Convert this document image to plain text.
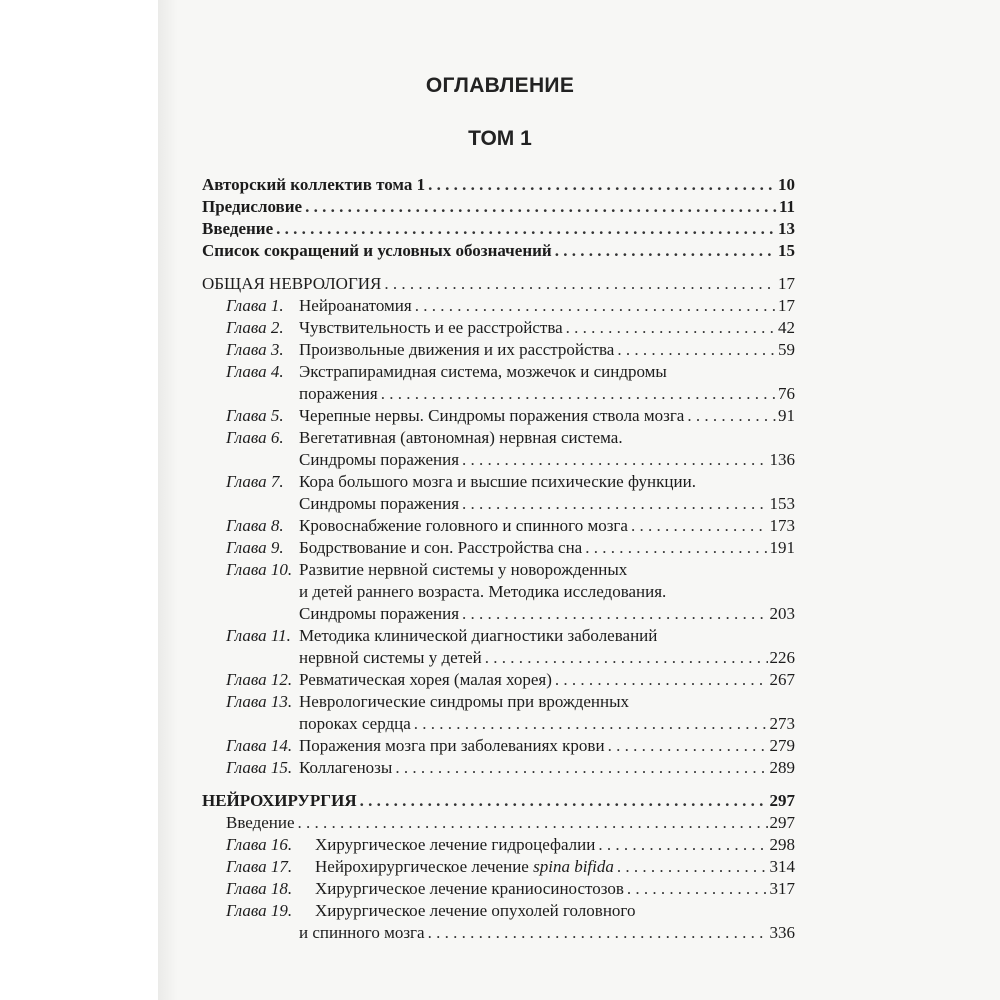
ОГЛАВЛЕНИЕ
ТОМ 1
Авторский коллектив тома 1 . . .	10
Предисловие . . .	11
Введение . . .	13
Список сокращений и условных обозначений . . .	15
ОБЩАЯ НЕВРОЛОГИЯ . . .	17
Глава 1. Нейроанатомия . . .	17
Глава 2. Чувствительность и ее расстройства . . .	42
Глава 3. Произвольные движения и их расстройства . . .	59
Глава 4. Экстрапирамидная система, мозжечок и синдромы
поражения . . .	76
Глава 5. Черепные нервы. Синдромы поражения ствола мозга . . .	91
Глава 6. Вегетативная (автономная) нервная система.
Синдромы поражения . . .	136
Глава 7. Кора большого мозга и высшие психические функции.
Синдромы поражения . . .	153
Глава 8. Кровоснабжение головного и спинного мозга . . .	173
Глава 9. Бодрствование и сон. Расстройства сна . . .	191
Глава 10. Развитие нервной системы у новорожденных
и детей раннего возраста. Методика исследования.
Синдромы поражения . . .	203
Глава 11. Методика клинической диагностики заболеваний
нервной системы у детей . . .	226
Глава 12. Ревматическая хорея (малая хорея) . . .	267
Глава 13. Неврологические синдромы при врожденных
пороках сердца . . .	273
Глава 14. Поражения мозга при заболеваниях крови . . .	279
Глава 15. Коллагенозы . . .	289
НЕЙРОХИРУРГИЯ . . .	297
Введение . . .	297
Глава 16.	Хирургическое лечение гидроцефалии . . .	298
Глава 17.	Нейрохирургическое лечение spina bifida . . .	314
Глава 18.	Хирургическое лечение краниосиностозов . . .	317
Глава 19.	Хирургическое лечение опухолей головного
и спинного мозга . . .	336
